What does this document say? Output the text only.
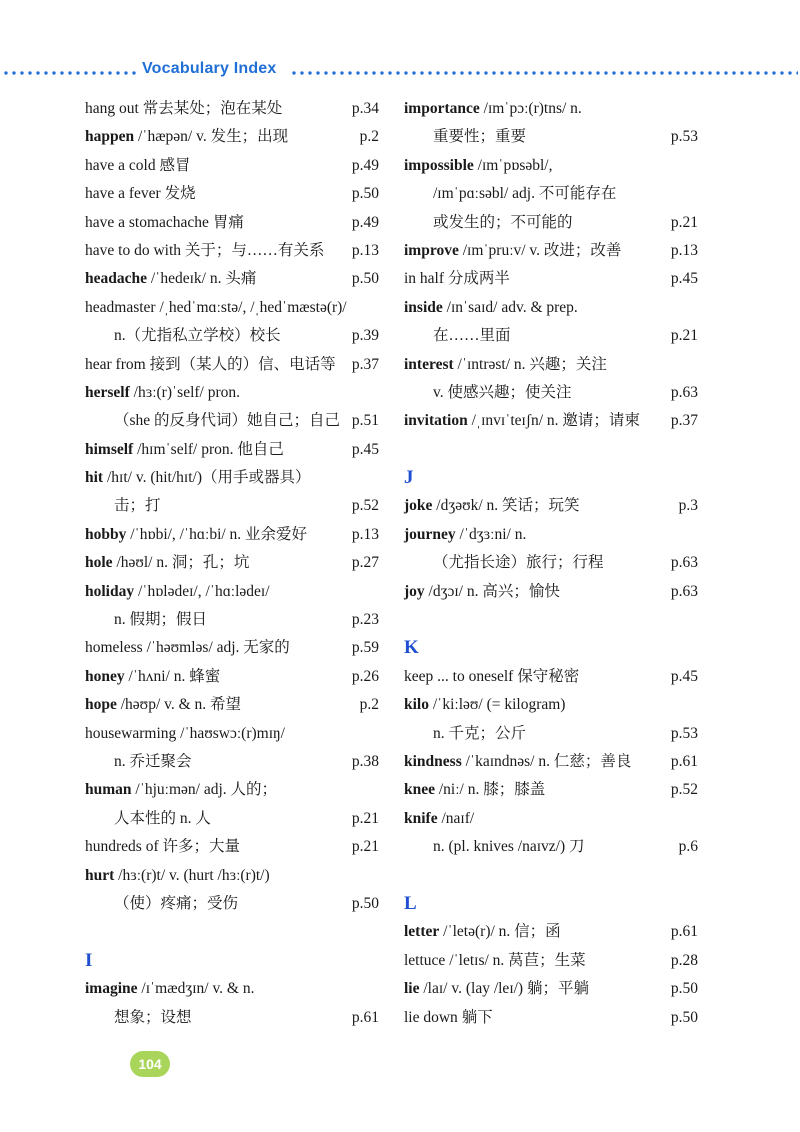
Vocabulary Index
hang out 常去某处；泡在某处	p.34
happen /ˈhæpən/ v. 发生；出现	p.2
have a cold 感冒	p.49
have a fever 发烧	p.50
have a stomachache 胃痛	p.49
have to do with 关于；与……有关系 p.13
headache /ˈhedeɪk/ n. 头痛	p.50
headmaster /ˌhedˈmɑːstə/, /ˌhedˈmæstə(r)/
n.（尤指私立学校）校长	p.39
hear from 接到（某人的）信、电话等 p.37
herself /hɜː(r)ˈself/ pron.
（she 的反身代词）她自己；自己 p.51
himself /hɪmˈself/ pron. 他自己	p.45
hit /hɪt/ v. (hit/hɪt/)（用手或器具）
击；打	p.52
hobby /ˈhɒbi/, /ˈhɑːbi/ n. 业余爱好	p.13
hole /həʊl/ n. 洞；孔；坑	p.27
holiday /ˈhɒlədeɪ/, /ˈhɑːlədeɪ/
n. 假期；假日	p.23
homeless /ˈhəʊmləs/ adj. 无家的	p.59
honey /ˈhʌni/ n. 蜂蜜	p.26
hope /həʊp/ v. & n. 希望	p.2
housewarming /ˈhaʊswɔː(r)mɪŋ/
n. 乔迁聚会	p.38
human /ˈhjuːmən/ adj. 人的；
人本性的 n. 人	p.21
hundreds of 许多；大量	p.21
hurt /hɜː(r)t/ v. (hurt /hɜː(r)t/)
（使）疼痛；受伤	p.50
I
imagine /ɪˈmædʒɪn/ v. & n.
想象；设想	p.61
importance /ɪmˈpɔː(r)tns/ n.
重要性；重要	p.53
impossible /ɪmˈpɒsəbl/,
/ɪmˈpɑːsəbl/ adj. 不可能存在
或发生的；不可能的	p.21
improve /ɪmˈpruːv/ v. 改进；改善	p.13
in half 分成两半	p.45
inside /ɪnˈsaɪd/ adv. & prep.
在……里面	p.21
interest /ˈɪntrəst/ n. 兴趣；关注
v. 使感兴趣；使关注	p.63
invitation /ˌɪnvɪˈteɪʃn/ n. 邀请；请柬 p.37
J
joke /dʒəʊk/ n. 笑话；玩笑	p.3
journey /ˈdʒɜːni/ n.
（尤指长途）旅行；行程	p.63
joy /dʒɔɪ/ n. 高兴；愉快	p.63
K
keep ... to oneself 保守秘密	p.45
kilo /ˈkiːləʊ/ (= kilogram)
n. 千克；公斤	p.53
kindness /ˈkaɪndnəs/ n. 仁慈；善良	p.61
knee /niː/ n. 膝；膝盖	p.52
knife /naɪf/
n. (pl. knives /naɪvz/) 刀	p.6
L
letter /ˈletə(r)/ n. 信；函	p.61
lettuce /ˈletɪs/ n. 莴苣；生菜	p.28
lie /laɪ/ v. (lay /leɪ/) 躺；平躺	p.50
lie down 躺下	p.50
104
